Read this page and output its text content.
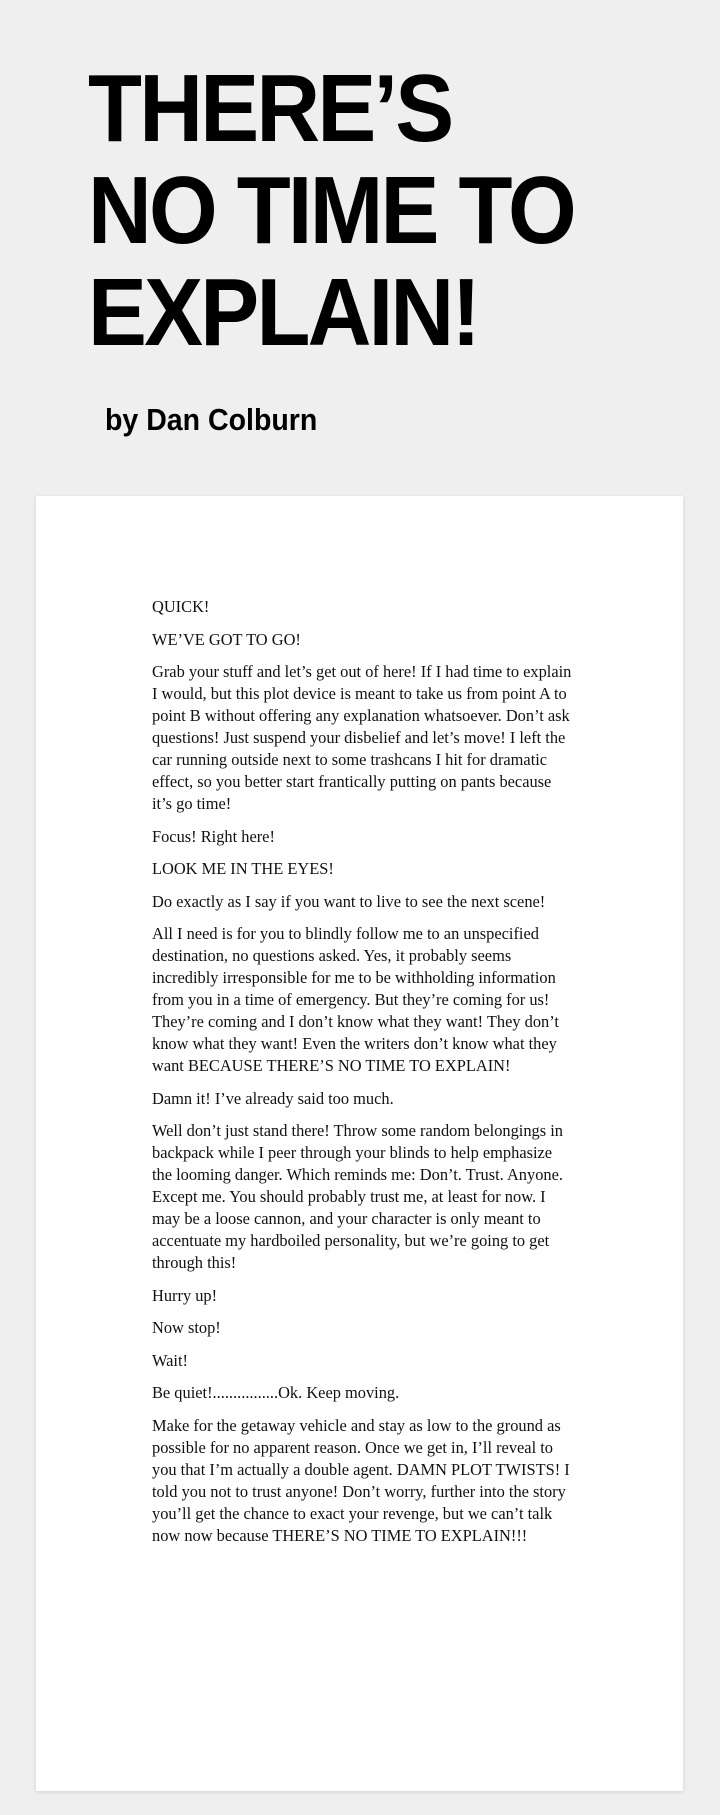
THERE’S
NO TIME TO
EXPLAIN!

by Dan Colburn

QUICK!

WE’VE GOT TO GO!

Grab your stuff and let’s get out of here! If I had time to explain I would, but this plot device is meant to take us from point A to point B without offering any explanation whatsoever. Don’t ask questions! Just suspend your disbelief and let’s move! I left the car running outside next to some trashcans I hit for dramatic effect, so you better start frantically putting on pants because it’s go time!

Focus! Right here!

LOOK ME IN THE EYES!

Do exactly as I say if you want to live to see the next scene!

All I need is for you to blindly follow me to an unspecified destination, no questions asked. Yes, it probably seems incredibly irresponsible for me to be withholding information from you in a time of emergency. But they’re coming for us! They’re coming and I don’t know what they want! They don’t know what they want! Even the writers don’t know what they want BECAUSE THERE’S NO TIME TO EXPLAIN!

Damn it! I’ve already said too much.

Well don’t just stand there! Throw some random belongings in backpack while I peer through your blinds to help emphasize the looming danger. Which reminds me: Don’t. Trust. Anyone. Except me. You should probably trust me, at least for now. I may be a loose cannon, and your character is only meant to accentuate my hardboiled personality, but we’re going to get through this!

Hurry up!

Now stop!

Wait!

Be quiet!................Ok. Keep moving.

Make for the getaway vehicle and stay as low to the ground as possible for no apparent reason. Once we get in, I’ll reveal to you that I’m actually a double agent. DAMN PLOT TWISTS! I told you not to trust anyone! Don’t worry, further into the story you’ll get the chance to exact your revenge, but we can’t talk now now because THERE’S NO TIME TO EXPLAIN!!!
